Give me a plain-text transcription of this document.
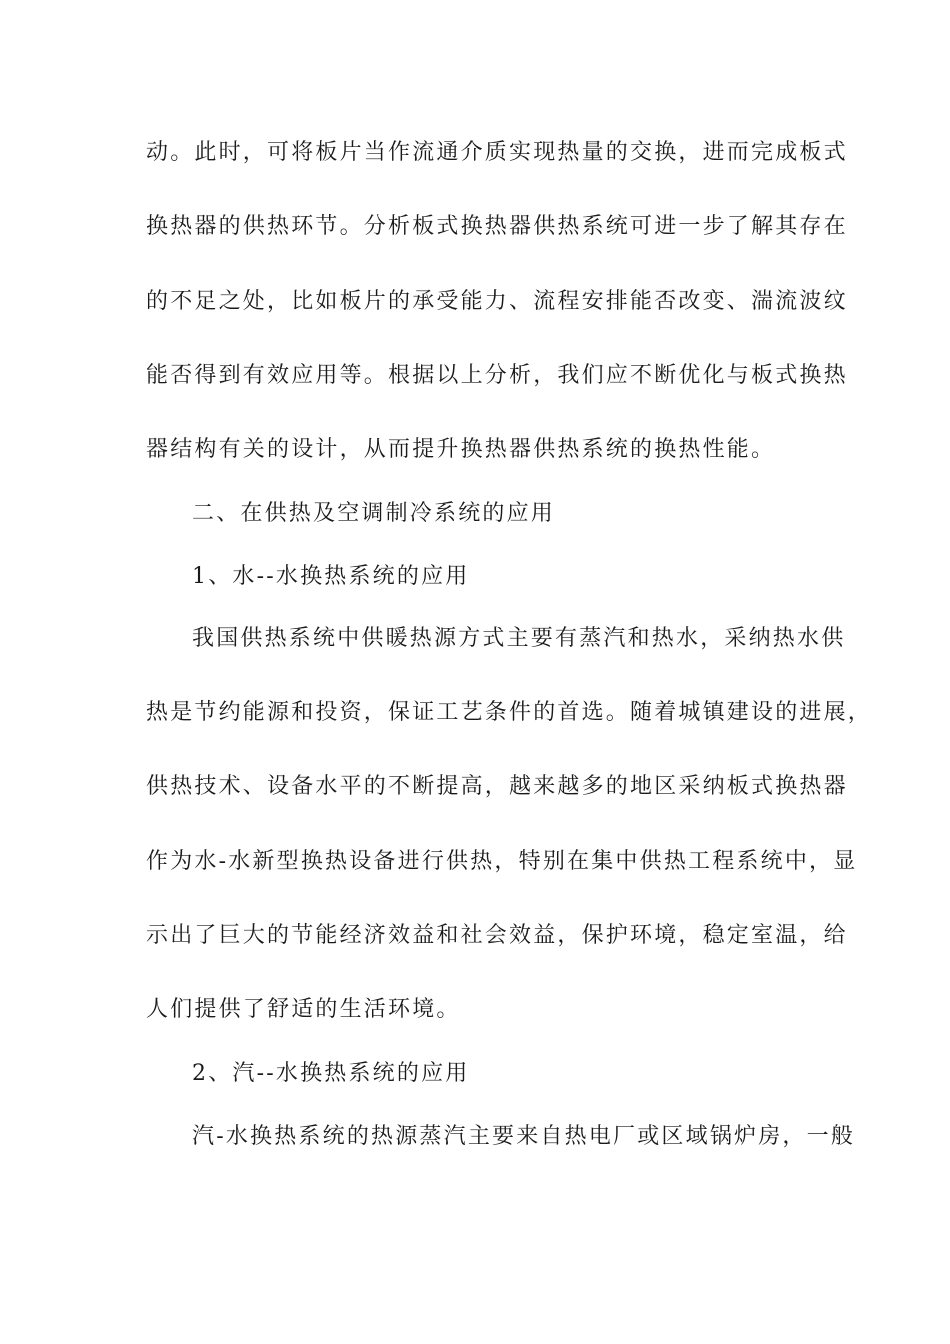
动。此时，可将板片当作流通介质实现热量的交换，进而完成板式
换热器的供热环节。分析板式换热器供热系统可进一步了解其存在
的不足之处，比如板片的承受能力、流程安排能否改变、湍流波纹
能否得到有效应用等。根据以上分析，我们应不断优化与板式换热
器结构有关的设计，从而提升换热器供热系统的换热性能。
二、在供热及空调制冷系统的应用
1、水--水换热系统的应用
我国供热系统中供暖热源方式主要有蒸汽和热水，采纳热水供
热是节约能源和投资，保证工艺条件的首选。随着城镇建设的进展，
供热技术、设备水平的不断提高，越来越多的地区采纳板式换热器
作为水-水新型换热设备进行供热，特别在集中供热工程系统中，显
示出了巨大的节能经济效益和社会效益，保护环境，稳定室温，给
人们提供了舒适的生活环境。
2、汽--水换热系统的应用
汽-水换热系统的热源蒸汽主要来自热电厂或区域锅炉房，一般
